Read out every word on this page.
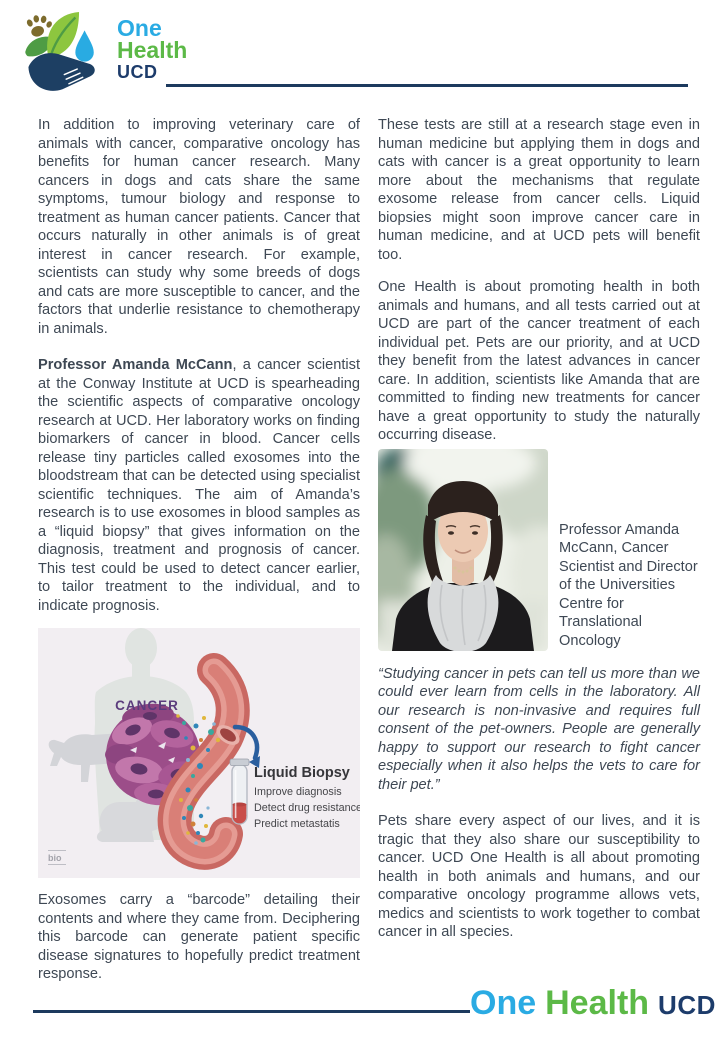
One
Health
UCD

In addition to improving veterinary care of animals with cancer, comparative oncology has benefits for human cancer research. Many cancers in dogs and cats share the same symptoms, tumour biology and response to treatment as human cancer patients. Cancer that occurs naturally in other animals is of great interest in cancer research. For example, scientists can study why some breeds of dogs and cats are more susceptible to cancer, and the factors that underlie resistance to chemotherapy in animals.

Professor Amanda McCann, a cancer scientist at the Conway Institute at UCD is spearheading the scientific aspects of comparative oncology research at UCD. Her laboratory works on finding biomarkers of cancer in blood. Cancer cells release tiny particles called exosomes into the bloodstream that can be detected using specialist scientific techniques. The aim of Amanda’s research is to use exosomes in blood samples as a “liquid biopsy” that gives information on the diagnosis, treatment and prognosis of cancer. This test could be used to detect cancer earlier, to tailor treatment to the individual, and to indicate prognosis.

CANCER
Liquid Biopsy
Improve diagnosis
Detect drug resistance
Predict metastatis
bio

Exosomes carry a “barcode” detailing their contents and where they came from. Deciphering this barcode can generate patient specific disease signatures to hopefully predict treatment response.

These tests are still at a research stage even in human medicine but applying them in dogs and cats with cancer is a great opportunity to learn more about the mechanisms that regulate exosome release from cancer cells. Liquid biopsies might soon improve cancer care in human medicine, and at UCD pets will benefit too.

One Health is about promoting health in both animals and humans, and all tests carried out at UCD are part of the cancer treatment of each individual pet. Pets are our priority, and at UCD they benefit from the latest advances in cancer care. In addition, scientists like Amanda that are committed to finding new treatments for cancer have a great opportunity to study the naturally occurring disease.

Professor Amanda McCann, Cancer Scientist and Director of the Universities Centre for Translational Oncology

“Studying cancer in pets can tell us more than we could ever learn from cells in the laboratory. All our research is non-invasive and requires full consent of the pet-owners. People are generally happy to support our research to fight cancer especially when it also helps the vets to care for their pet.”

Pets share every aspect of our lives, and it is tragic that they also share our susceptibility to cancer. UCD One Health is all about promoting health in both animals and humans, and our comparative oncology programme allows vets, medics and scientists to work together to combat cancer in all species.

One Health UCD
